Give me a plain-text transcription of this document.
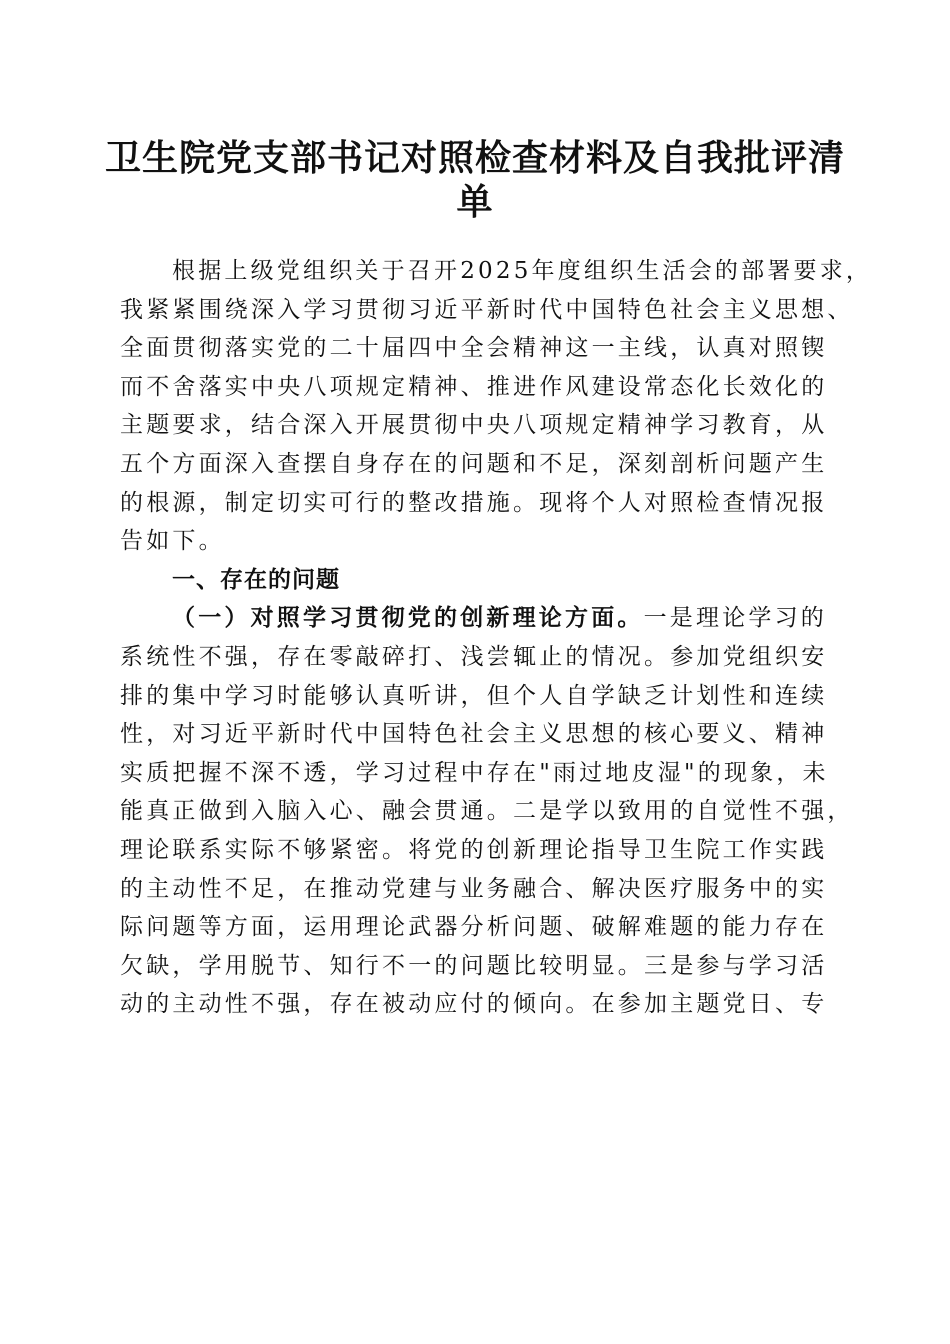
卫生院党支部书记对照检查材料及自我批评清
单
根据上级党组织关于召开2025年度组织生活会的部署要求，
我紧紧围绕深入学习贯彻习近平新时代中国特色社会主义思想、
全面贯彻落实党的二十届四中全会精神这一主线，认真对照锲
而不舍落实中央八项规定精神、推进作风建设常态化长效化的
主题要求，结合深入开展贯彻中央八项规定精神学习教育，从
五个方面深入查摆自身存在的问题和不足，深刻剖析问题产生
的根源，制定切实可行的整改措施。现将个人对照检查情况报
告如下。
一、存在的问题
（一）对照学习贯彻党的创新理论方面。一是理论学习的
系统性不强，存在零敲碎打、浅尝辄止的情况。参加党组织安
排的集中学习时能够认真听讲，但个人自学缺乏计划性和连续
性，对习近平新时代中国特色社会主义思想的核心要义、精神
实质把握不深不透，学习过程中存在"雨过地皮湿"的现象，未
能真正做到入脑入心、融会贯通。二是学以致用的自觉性不强，
理论联系实际不够紧密。将党的创新理论指导卫生院工作实践
的主动性不足，在推动党建与业务融合、解决医疗服务中的实
际问题等方面，运用理论武器分析问题、破解难题的能力存在
欠缺，学用脱节、知行不一的问题比较明显。三是参与学习活
动的主动性不强，存在被动应付的倾向。在参加主题党日、专
